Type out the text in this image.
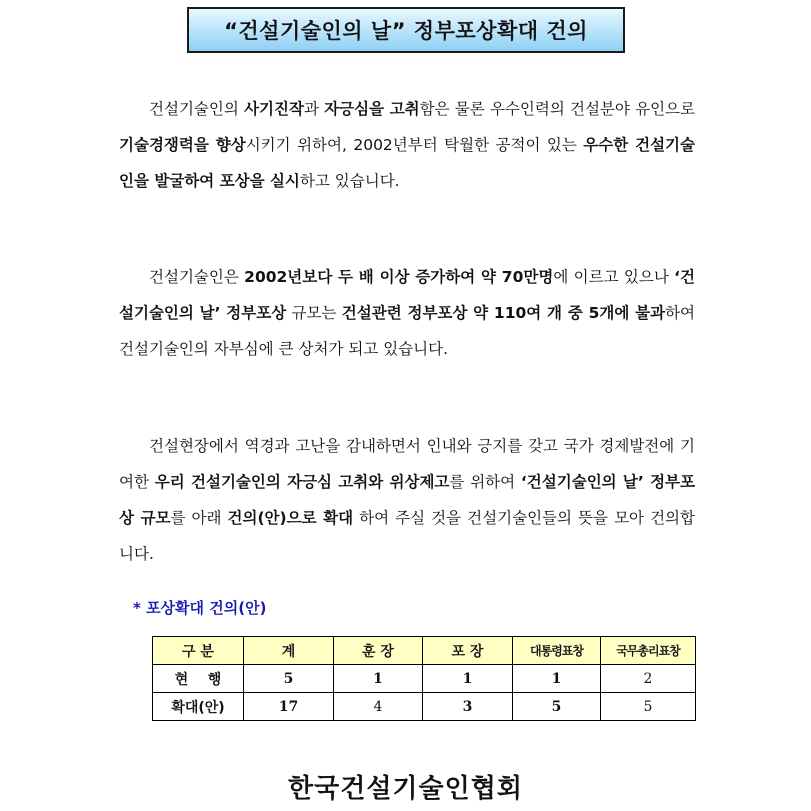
“건설기술인의 날” 정부포상확대 건의

건설기술인의 사기진작과 자긍심을 고취함은 물론 우수인력의 건설분야 유인으로 기술경쟁력을 향상시키기 위하여, 2002년부터 탁월한 공적이 있는 우수한 건설기술인을 발굴하여 포상을 실시하고 있습니다.

건설기술인은 2002년보다 두 배 이상 증가하여 약 70만명에 이르고 있으나 ‘건설기술인의 날’ 정부포상 규모는 건설관련 정부포상 약 110여 개 중 5개에 불과하여 건설기술인의 자부심에 큰 상처가 되고 있습니다.

건설현장에서 역경과 고난을 감내하면서 인내와 긍지를 갖고 국가 경제발전에 기여한 우리 건설기술인의 자긍심 고취와 위상제고를 위하여 ‘건설기술인의 날’ 정부포상 규모를 아래 건의(안)으로 확대 하여 주실 것을 건설기술인들의 뜻을 모아 건의합니다.

* 포상확대 건의(안)
구 분	계	훈 장	포 장	대통령표창	국무총리표창
현    행	5	1	1	1	2
확대(안)	17	4	3	5	5
한국건설기술인협회
